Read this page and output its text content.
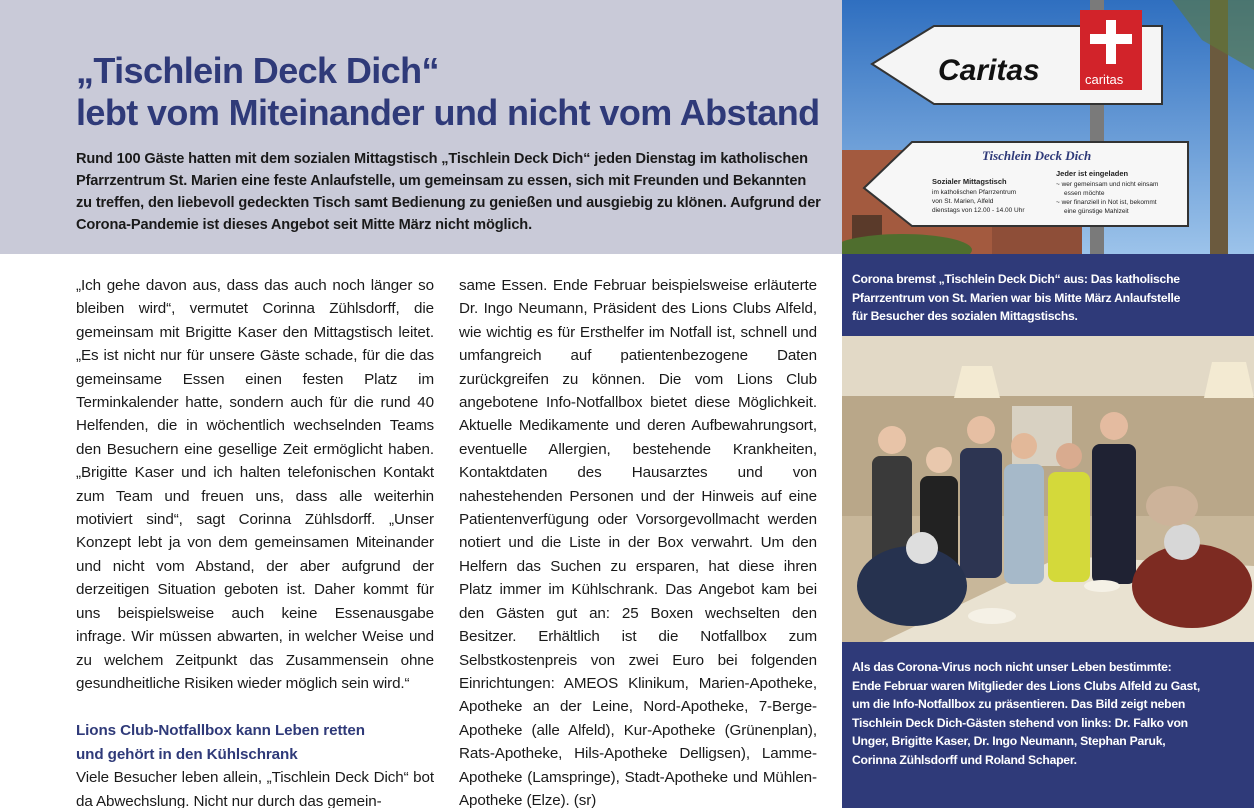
„Tischlein Deck Dich“
lebt vom Miteinander und nicht vom Abstand

Rund 100 Gäste hatten mit dem sozialen Mittagstisch „Tischlein Deck Dich“ jeden Dienstag im katholischen Pfarrzentrum St. Marien eine feste Anlaufstelle, um gemeinsam zu essen, sich mit Freunden und Bekannten zu treffen, den liebevoll gedeckten Tisch samt Bedienung zu genießen und ausgiebig zu klönen. Aufgrund der Corona-Pandemie ist dieses Angebot seit Mitte März nicht möglich.

„Ich gehe davon aus, dass das auch noch länger so bleiben wird“, vermutet Corinna Zühlsdorff, die gemeinsam mit Brigitte Kaser den Mittagstisch leitet. „Es ist nicht nur für unsere Gäste schade, für die das gemeinsame Essen einen festen Platz im Terminkalender hatte, sondern auch für die rund 40 Helfenden, die in wöchentlich wechselnden Teams den Besuchern eine gesellige Zeit ermöglicht haben. „Brigitte Kaser und ich halten telefonischen Kontakt zum Team und freuen uns, dass alle weiterhin motiviert sind“, sagt Corinna Zühlsdorff. „Unser Konzept lebt ja von dem gemeinsamen Miteinander und nicht vom Abstand, der aber aufgrund der derzeitigen Situation geboten ist. Daher kommt für uns beispielsweise auch keine Essenausgabe infrage. Wir müssen abwarten, in welcher Weise und zu welchem Zeitpunkt das Zusammensein ohne gesundheitliche Risiken wieder möglich sein wird.“

Lions Club-Notfallbox kann Leben retten
und gehört in den Kühlschrank

Viele Besucher leben allein, „Tischlein Deck Dich“ bot da Abwechslung. Nicht nur durch das gemein-

same Essen. Ende Februar beispielsweise erläuterte Dr. Ingo Neumann, Präsident des Lions Clubs Alfeld, wie wichtig es für Ersthelfer im Notfall ist, schnell und umfangreich auf patientenbezogene Daten zurückgreifen zu können. Die vom Lions Club angebotene Info-Notfallbox bietet diese Möglichkeit. Aktuelle Medikamente und deren Aufbewahrungsort, eventuelle Allergien, bestehende Krankheiten, Kontaktdaten des Hausarztes und von nahestehenden Personen und der Hinweis auf eine Patientenverfügung oder Vorsorgevollmacht werden notiert und die Liste in der Box verwahrt. Um den Helfern das Suchen zu ersparen, hat diese ihren Platz immer im Kühlschrank. Das Angebot kam bei den Gästen gut an: 25 Boxen wechselten den Besitzer. Erhältlich ist die Notfallbox zum Selbstkostenpreis von zwei Euro bei folgenden Einrichtungen: AMEOS Klinikum, Marien-Apotheke, Apotheke an der Leine, Nord-Apotheke, 7-Berge-Apotheke (alle Alfeld), Kur-Apotheke (Grünenplan), Rats-Apotheke, Hils-Apotheke Delligsen), Lamme-Apotheke (Lamspringe), Stadt-Apotheke und Mühlen-Apotheke (Elze). (sr)

Caritas	caritas
Tischlein Deck Dich
Sozialer Mittagstisch
im katholischen Pfarrzentrum
von St. Marien, Alfeld
dienstags von 12.00 - 14.00 Uhr
Jeder ist eingeladen
~ wer gemeinsam und nicht einsam
essen möchte
~ wer finanziell in Not ist, bekommt
eine günstige Mahlzeit
Corona bremst „Tischlein Deck Dich“ aus: Das katholische
Pfarrzentrum von St. Marien war bis Mitte März Anlaufstelle
für Besucher des sozialen Mittagstischs.
Als das Corona-Virus noch nicht unser Leben bestimmte:
Ende Februar waren Mitglieder des Lions Clubs Alfeld zu Gast,
um die Info-Notfallbox zu präsentieren. Das Bild zeigt neben
Tischlein Deck Dich-Gästen stehend von links: Dr. Falko von
Unger, Brigitte Kaser, Dr. Ingo Neumann, Stephan Paruk,
Corinna Zühlsdorff und Roland Schaper.
